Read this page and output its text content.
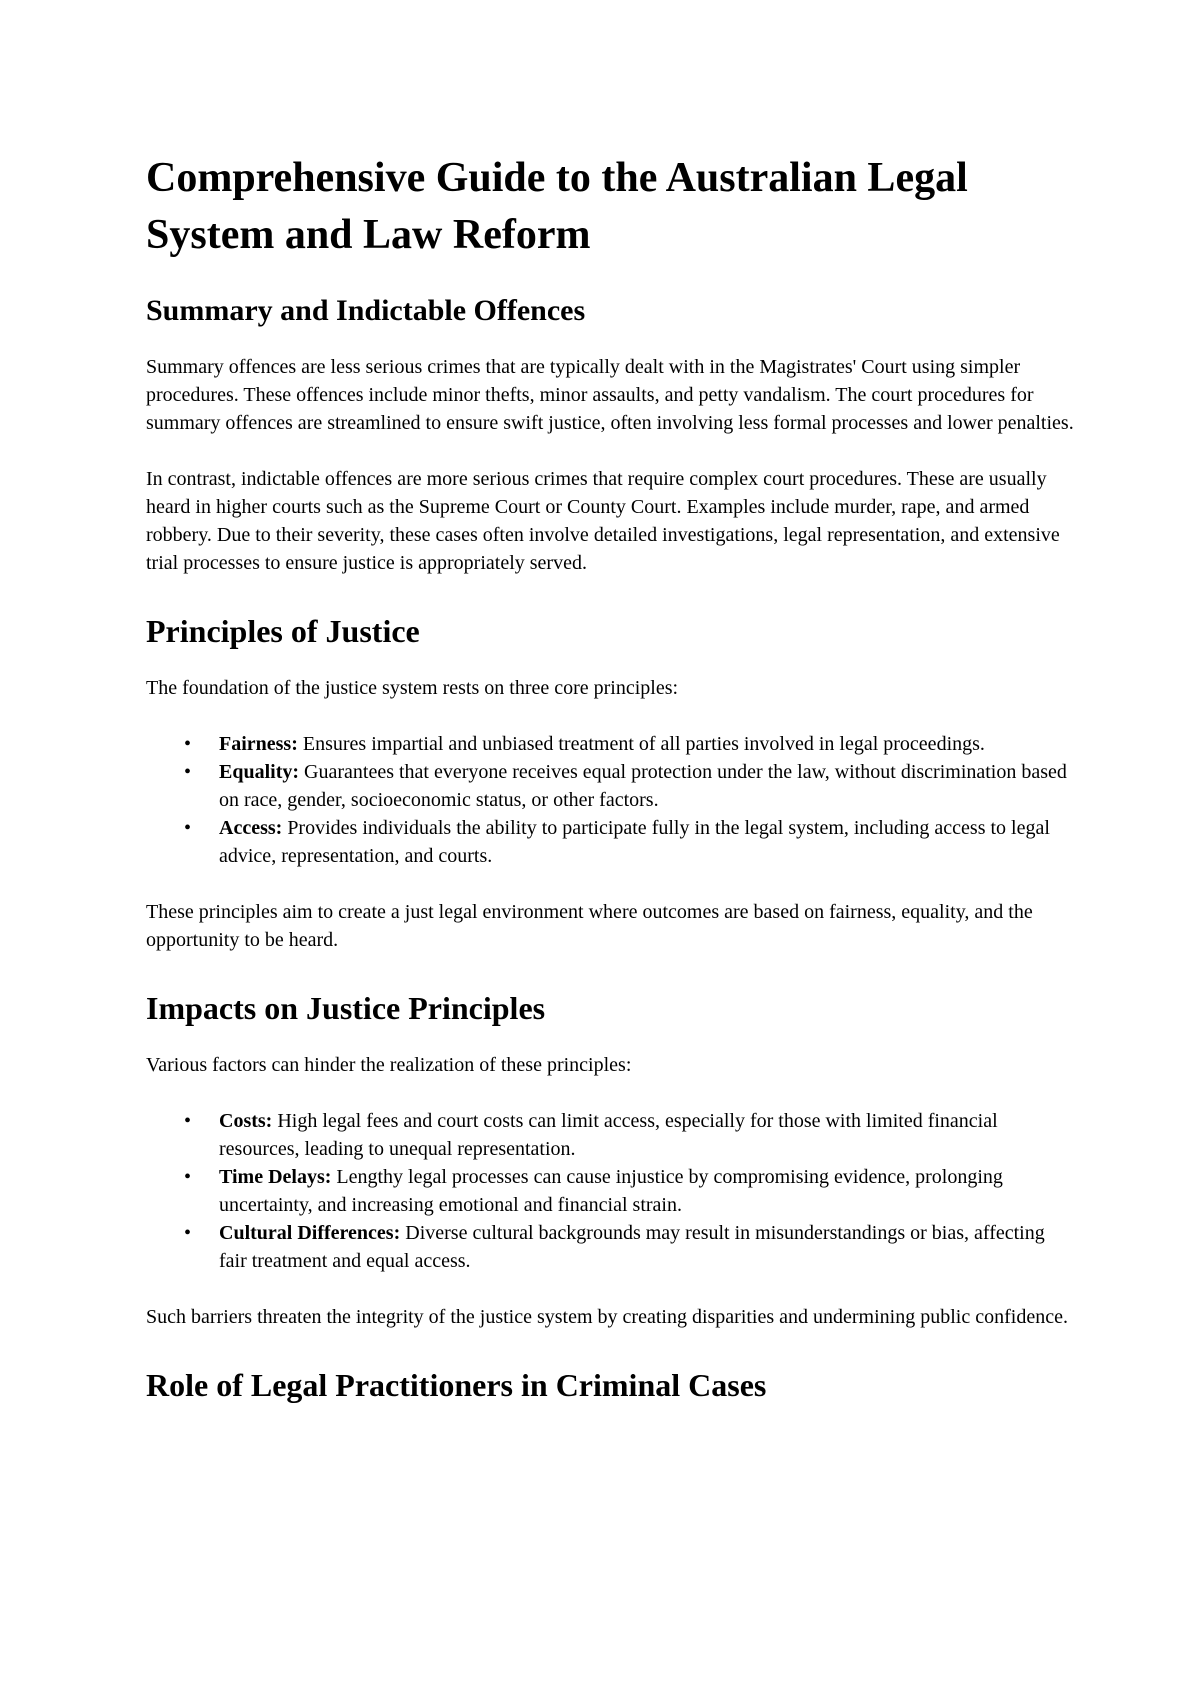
Comprehensive Guide to the Australian Legal System and Law Reform
Summary and Indictable Offences

Summary offences are less serious crimes that are typically dealt with in the Magistrates' Court using simpler procedures. These offences include minor thefts, minor assaults, and petty vandalism. The court procedures for summary offences are streamlined to ensure swift justice, often involving less formal processes and lower penalties.

In contrast, indictable offences are more serious crimes that require complex court procedures. These are usually heard in higher courts such as the Supreme Court or County Court. Examples include murder, rape, and armed robbery. Due to their severity, these cases often involve detailed investigations, legal representation, and extensive trial processes to ensure justice is appropriately served.

Principles of Justice

The foundation of the justice system rests on three core principles:

• Fairness: Ensures impartial and unbiased treatment of all parties involved in legal proceedings.
• Equality: Guarantees that everyone receives equal protection under the law, without discrimination based on race, gender, socioeconomic status, or other factors.
• Access: Provides individuals the ability to participate fully in the legal system, including access to legal advice, representation, and courts.

These principles aim to create a just legal environment where outcomes are based on fairness, equality, and the opportunity to be heard.

Impacts on Justice Principles

Various factors can hinder the realization of these principles:

• Costs: High legal fees and court costs can limit access, especially for those with limited financial resources, leading to unequal representation.
• Time Delays: Lengthy legal processes can cause injustice by compromising evidence, prolonging uncertainty, and increasing emotional and financial strain.
• Cultural Differences: Diverse cultural backgrounds may result in misunderstandings or bias, affecting fair treatment and equal access.

Such barriers threaten the integrity of the justice system by creating disparities and undermining public confidence.

Role of Legal Practitioners in Criminal Cases
